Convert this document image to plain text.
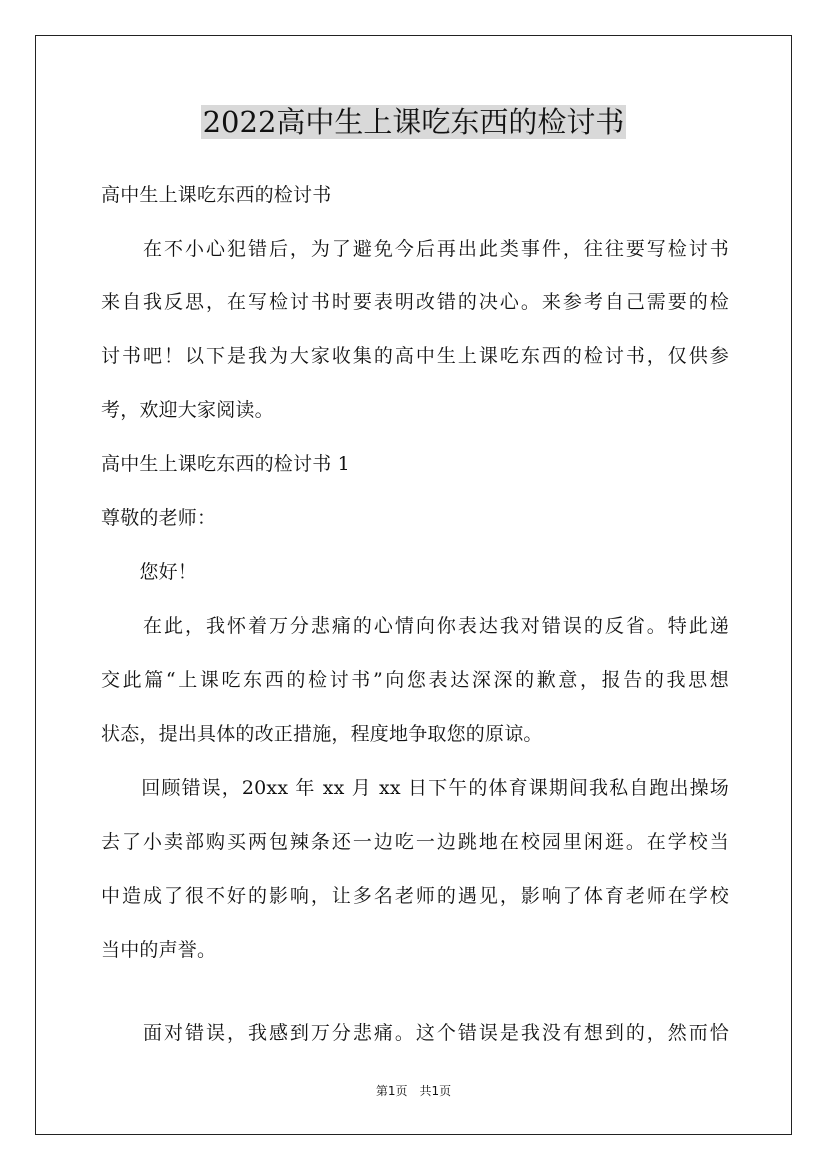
2022高中生上课吃东西的检讨书
高中生上课吃东西的检讨书
　　在不小心犯错后，为了避免今后再出此类事件，往往要写检讨书
来自我反思，在写检讨书时要表明改错的决心。来参考自己需要的检
讨书吧！以下是我为大家收集的高中生上课吃东西的检讨书，仅供参
考，欢迎大家阅读。
高中生上课吃东西的检讨书 1
尊敬的老师：
　　您好！
　　在此，我怀着万分悲痛的心情向你表达我对错误的反省。特此递
交此篇“上课吃东西的检讨书”向您表达深深的歉意，报告的我思想
状态，提出具体的改正措施，程度地争取您的原谅。
　　回顾错误，20xx 年 xx 月 xx 日下午的体育课期间我私自跑出操场
去了小卖部购买两包辣条还一边吃一边跳地在校园里闲逛。在学校当
中造成了很不好的影响，让多名老师的遇见，影响了体育老师在学校
当中的声誉。
　　面对错误，我感到万分悲痛。这个错误是我没有想到的，然而恰
第1页　共1页
